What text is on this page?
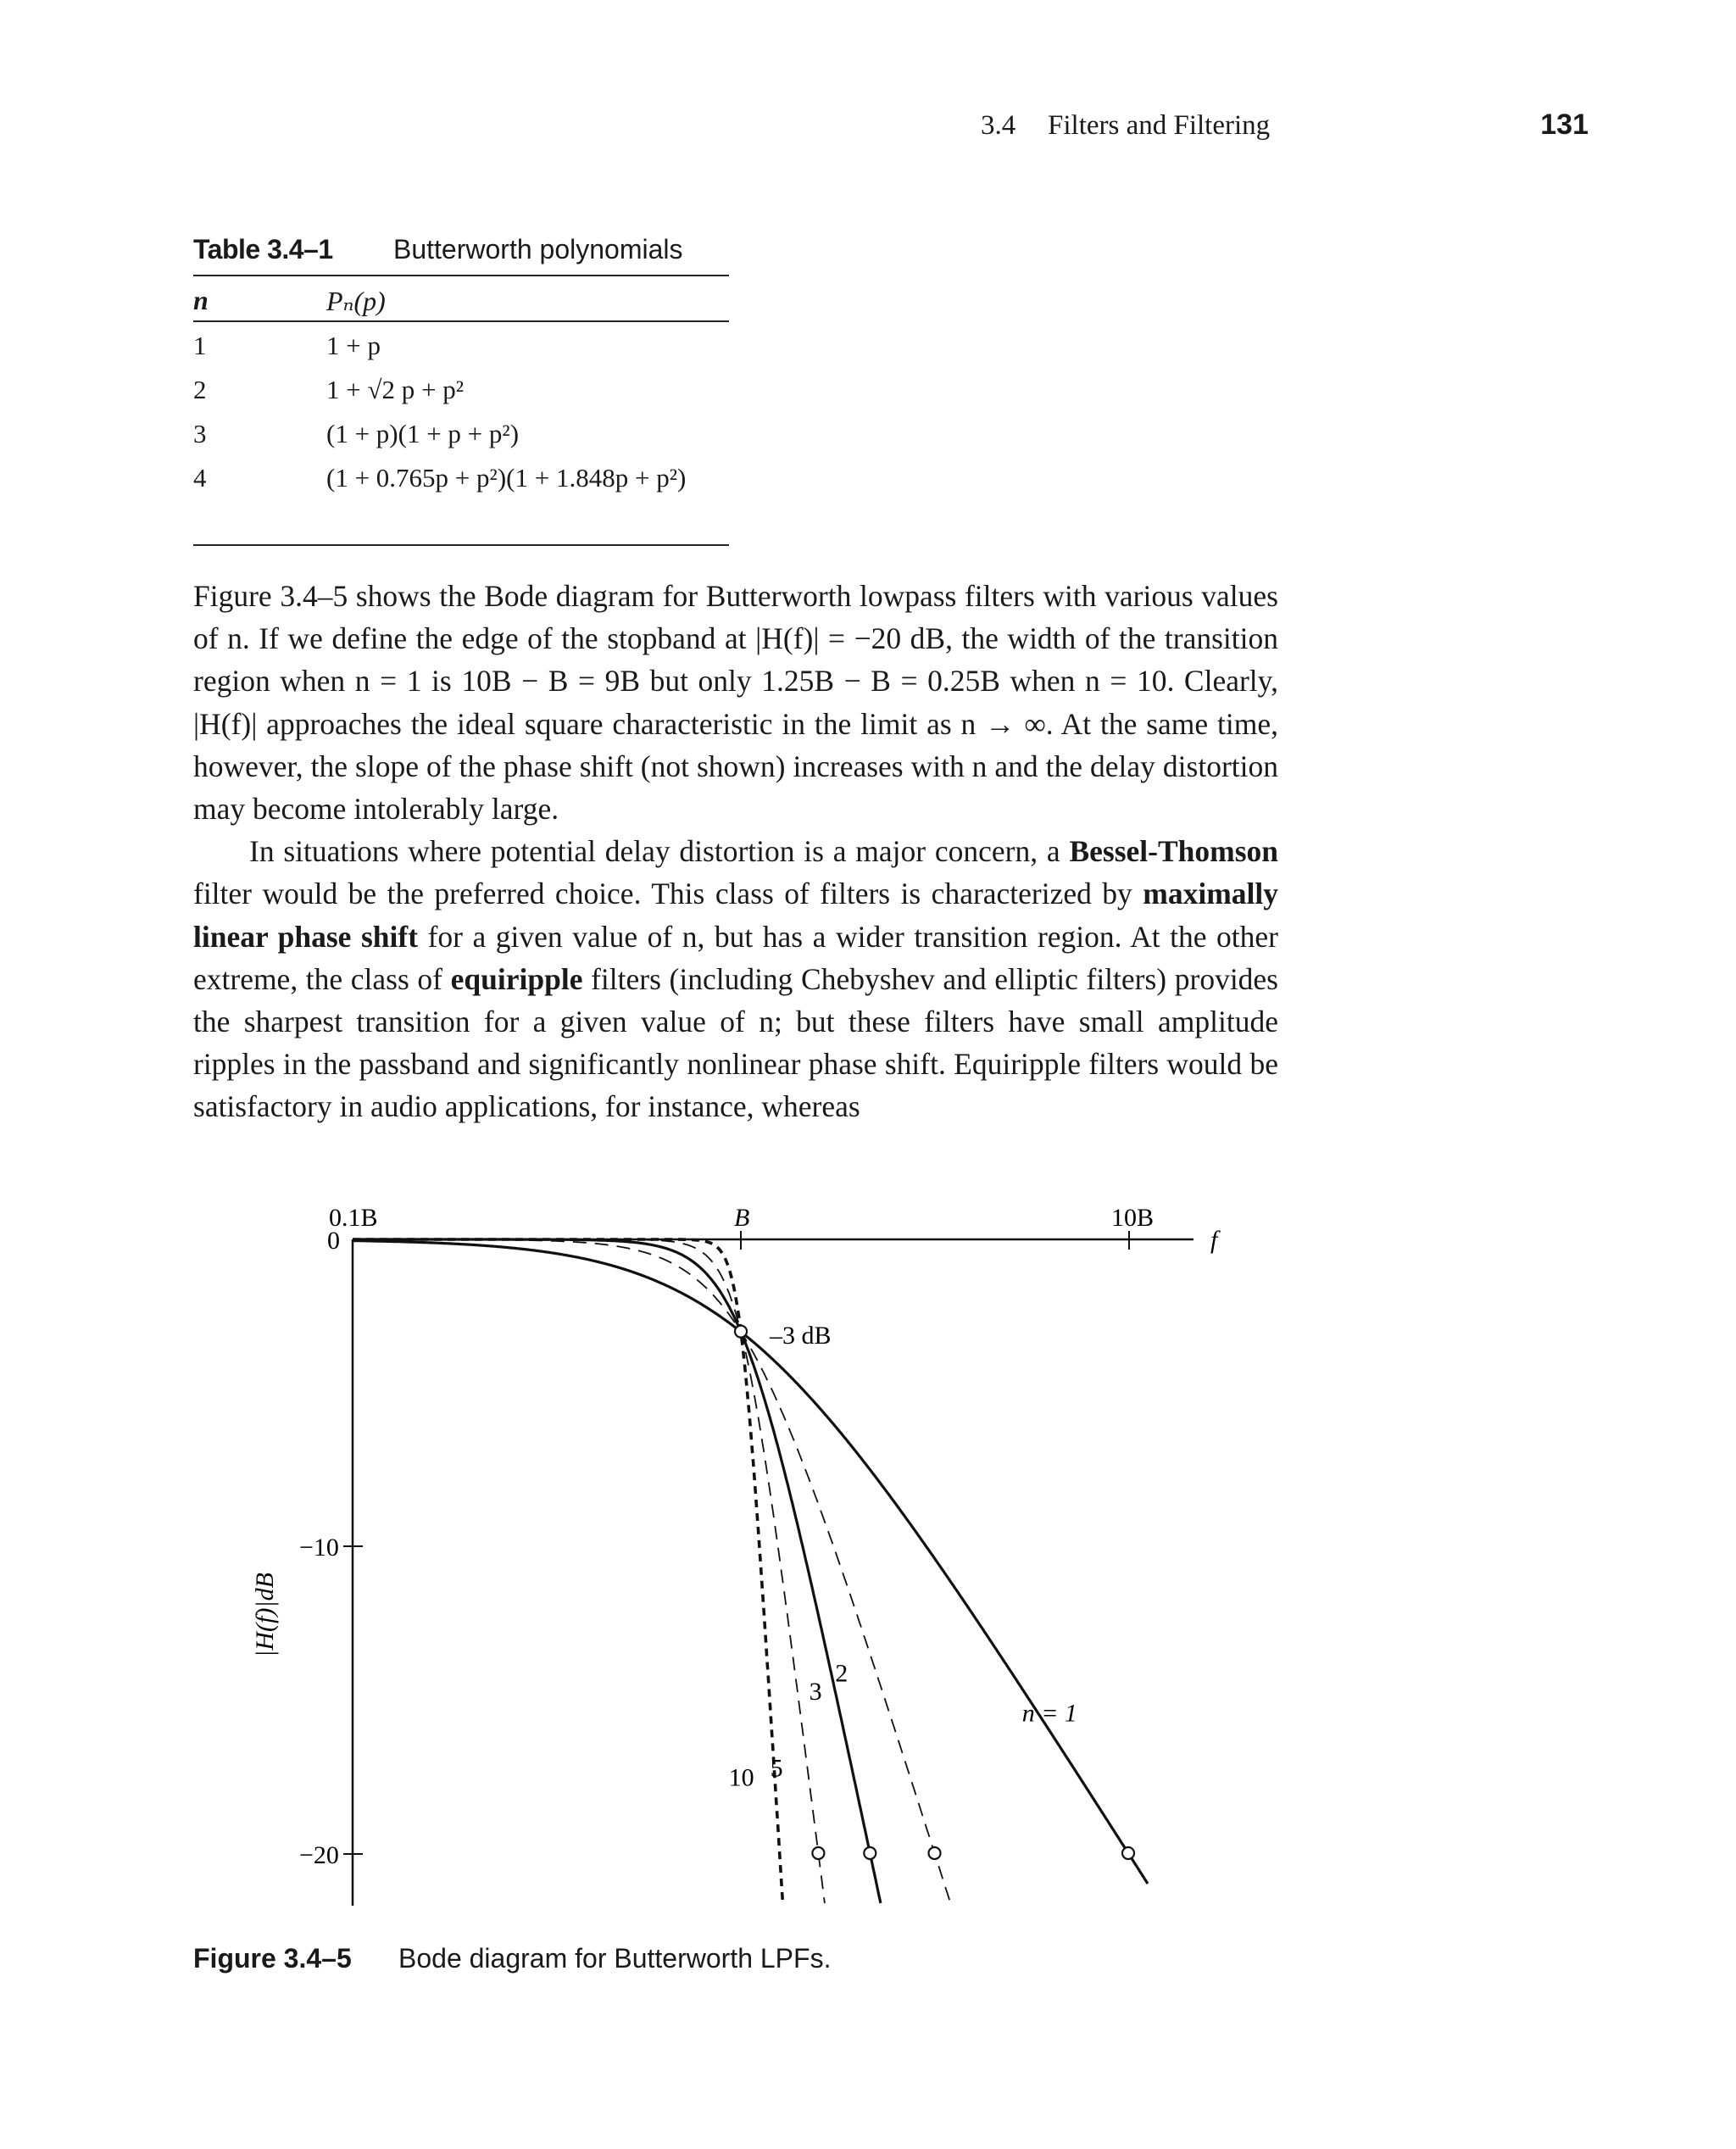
3.4 Filters and Filtering	131
Table 3.4–1 Butterworth polynomials
n	Pₙ(p)
1	1 + p
2	1 + √2 p + p²
3	(1 + p)(1 + p + p²)
4	(1 + 0.765p + p²)(1 + 1.848p + p²)

Figure 3.4–5 shows the Bode diagram for Butterworth lowpass filters with various values of n. If we define the edge of the stopband at |H(f)| = −20 dB, the width of the transition region when n = 1 is 10B − B = 9B but only 1.25B − B = 0.25B when n = 10. Clearly, |H(f)| approaches the ideal square characteristic in the limit as n → ∞. At the same time, however, the slope of the phase shift (not shown) increases with n and the delay distortion may become intolerably large.

In situations where potential delay distortion is a major concern, a Bessel-Thomson filter would be the preferred choice. This class of filters is characterized by maximally linear phase shift for a given value of n, but has a wider transition region. At the other extreme, the class of equiripple filters (including Chebyshev and elliptic filters) provides the sharpest transition for a given value of n; but these filters have small amplitude ripples in the passband and significantly nonlinear phase shift. Equiripple filters would be satisfactory in audio applications, for instance, whereas

0.1B	B	10B
f
0
−10
−20
|H(f)|dB
–3 dB
n = 1
2
3
5
10
Figure 3.4–5 Bode diagram for Butterworth LPFs.
